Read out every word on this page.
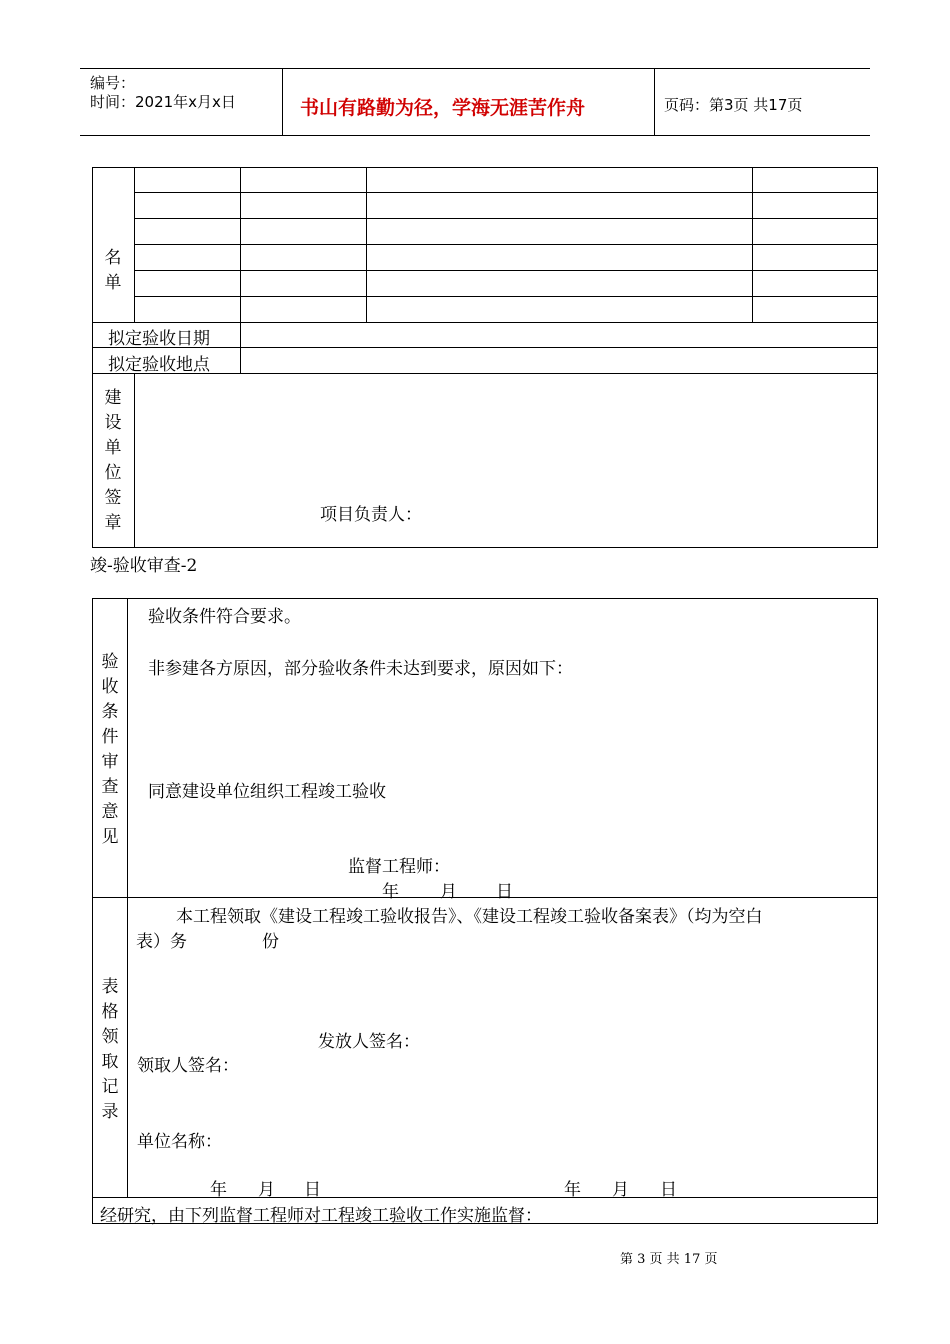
编号：
时间：2021年x月x日	书山有路勤为径，学海无涯苦作舟	页码：第3页 共17页
名
单
拟定验收日期
拟定验收地点
建
设
单
位
签
章	项目负责人：
竣-验收审查-2
验
收
条
件
审
查
意
见
验收条件符合要求。
非参建各方原因，部分验收条件未达到要求，原因如下：
同意建设单位组织工程竣工验收
监督工程师：
年 月 日
表
格
领
取
记
录
本工程领取《建设工程竣工验收报告》、《建设工程竣工验收备案表》（均为空白
表）务	份
发放人签名：
领取人签名：
单位名称：
年 月 日	年 月 日
经研究，由下列监督工程师对工程竣工验收工作实施监督：
第 3 页 共 17 页
